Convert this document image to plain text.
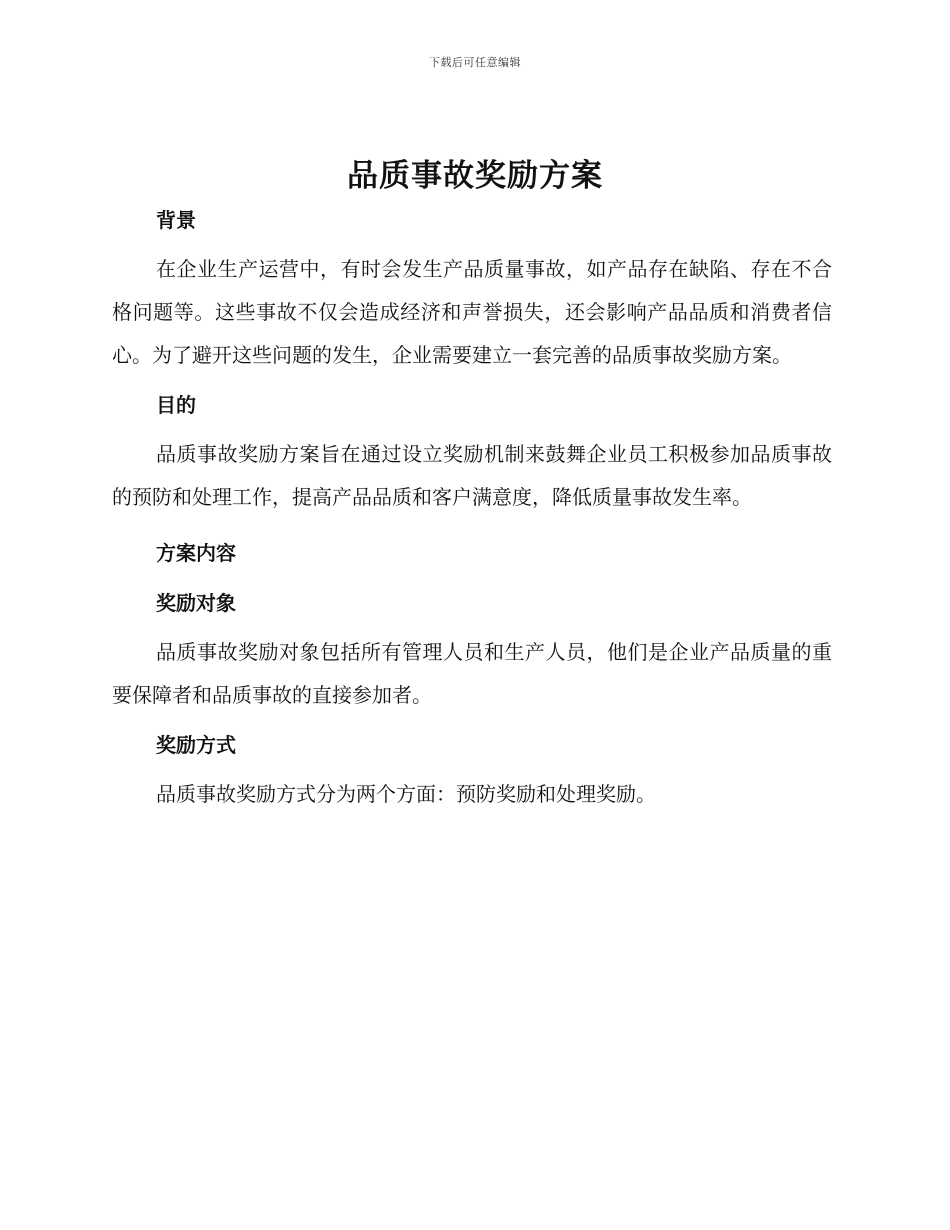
下载后可任意编辑
品质事故奖励方案
背景

在企业生产运营中，有时会发生产品质量事故，如产品存在缺陷、存在不合格问题等。这些事故不仅会造成经济和声誉损失，还会影响产品品质和消费者信心。为了避开这些问题的发生，企业需要建立一套完善的品质事故奖励方案。

目的

品质事故奖励方案旨在通过设立奖励机制来鼓舞企业员工积极参加品质事故的预防和处理工作，提高产品品质和客户满意度，降低质量事故发生率。

方案内容
奖励对象

品质事故奖励对象包括所有管理人员和生产人员，他们是企业产品质量的重要保障者和品质事故的直接参加者。

奖励方式

品质事故奖励方式分为两个方面：预防奖励和处理奖励。
